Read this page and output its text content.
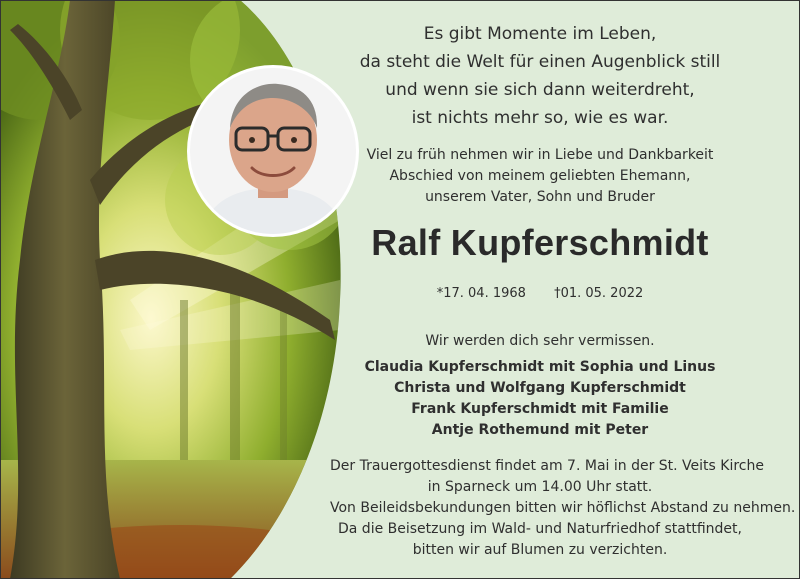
Es gibt Momente im Leben,
da steht die Welt für einen Augenblick still
und wenn sie sich dann weiterdreht,
ist nichts mehr so, wie es war.
Viel zu früh nehmen wir in Liebe und Dankbarkeit
Abschied von meinem geliebten Ehemann,
unserem Vater, Sohn und Bruder
Ralf Kupferschmidt
*17. 04. 1968 †01. 05. 2022
Wir werden dich sehr vermissen.
Claudia Kupferschmidt mit Sophia und Linus
Christa und Wolfgang Kupferschmidt
Frank Kupferschmidt mit Familie
Antje Rothemund mit Peter
Der Trauergottesdienst findet am 7. Mai in der St. Veits Kirche
in Sparneck um 14.00 Uhr statt.
Von Beileidsbekundungen bitten wir höflichst Abstand zu nehmen.
Da die Beisetzung im Wald- und Naturfriedhof stattfindet,
bitten wir auf Blumen zu verzichten.
